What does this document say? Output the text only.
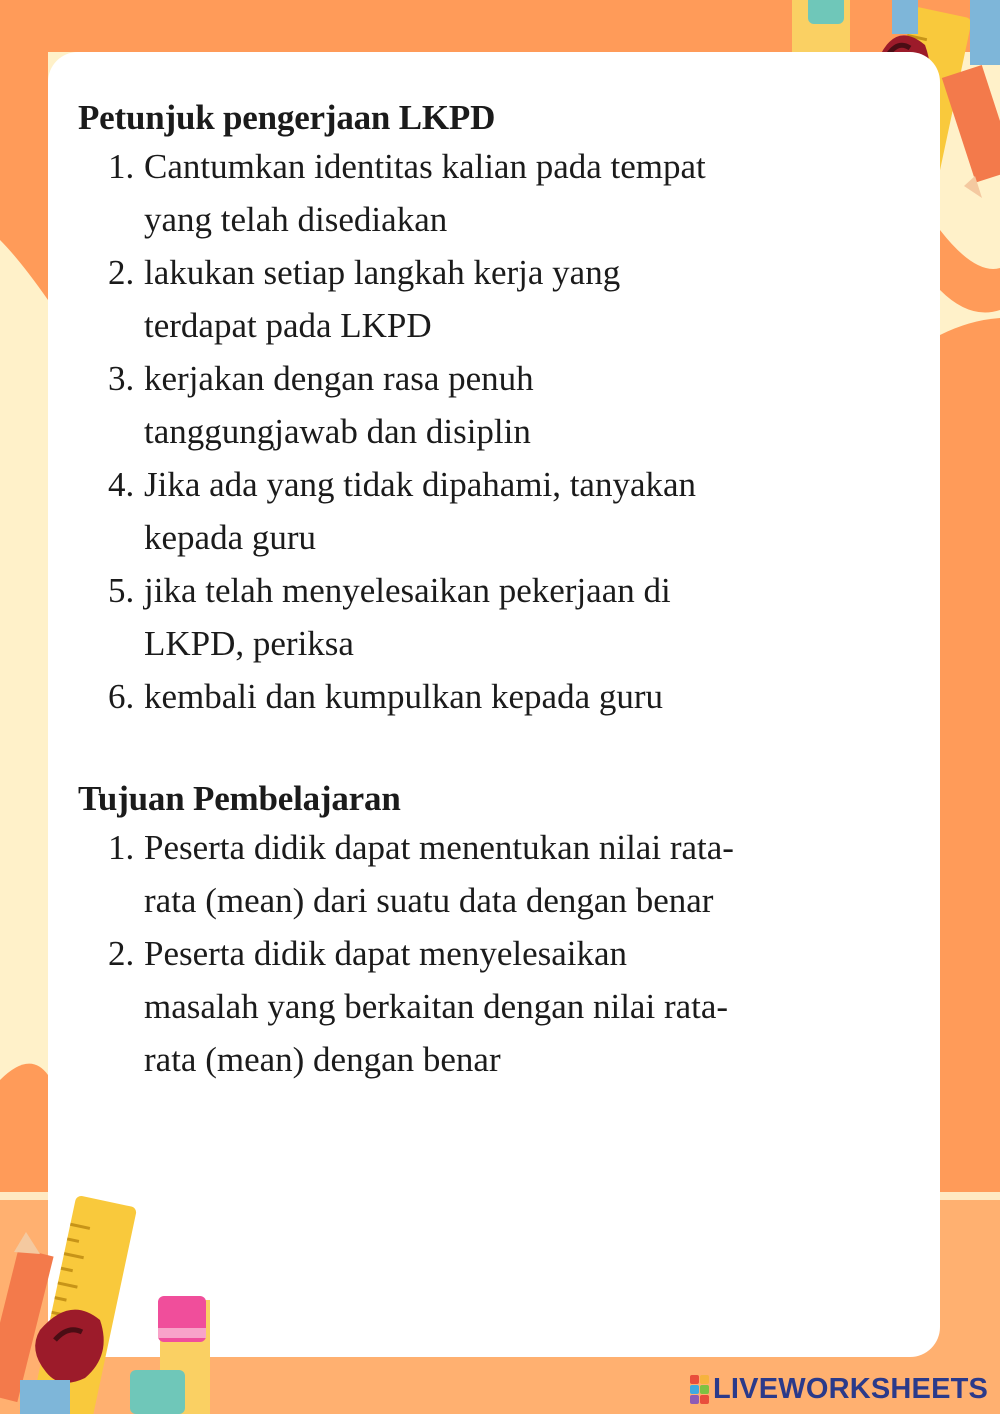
Petunjuk pengerjaan LKPD
1. Cantumkan identitas kalian pada tempat
yang telah disediakan
2. lakukan setiap langkah kerja yang
terdapat pada LKPD
3. kerjakan dengan rasa penuh
tanggungjawab dan disiplin
4. Jika ada yang tidak dipahami, tanyakan
kepada guru
5. jika telah menyelesaikan pekerjaan di
LKPD, periksa
6. kembali dan kumpulkan kepada guru
Tujuan Pembelajaran
1. Peserta didik dapat menentukan nilai rata-
rata (mean) dari suatu data dengan benar
2. Peserta didik dapat menyelesaikan
masalah yang berkaitan dengan nilai rata-
rata (mean) dengan benar
LIVEWORKSHEETS
